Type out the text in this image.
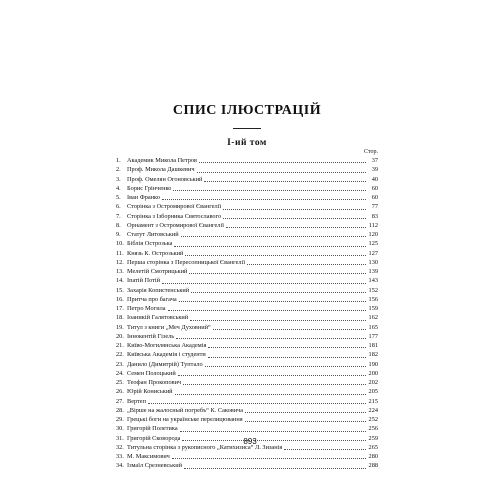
СПИС ІЛЮСТРАЦІЙ
І-ий том
Стор.
1. Академик Микола Петров	37
2. Проф. Микола Дашкевич	39
3. Проф. Омелян Огоновський	40
4. Борис Грінченко	60
5. Іван Франко	60
6. Сторінка з Остромирової Євангелії	77
7. Сторінка з Ізборника Святославого	83
8. Орнамент з Остромирової Євангелії	112
9. Статут Литовський	120
10. Біблія Острозька	125
11. Князь К. Острозький	127
12. Перша сторінка з Пересопницької Євангелії	130
13. Мелетій Смотрицький	139
14. Іпатій Потій	143
15. Захарія Копистенський	152
16. Притча про багача	156
17. Петро Могила	159
18. Іоаникій Галятовський	162
19. Титул з книги „Меч Духовний“	165
20. Іннокентій Гізель	177
21. Київо-Могилянська Академія	181
22. Київська Академія і студенти	182
23. Данило (Димитрій) Туптало	190
24. Семен Полоцький	200
25. Теофан Прокопович	202
26. Юрій Кониський	205
27. Вертеп	215
28. „Вірше на жалосный погребъ“ К. Саковича	224
29. Грецькі боги на українське перелицювання	252
30. Григорій Полетика	256
31. Григорій Сковорода	259
32. Титульна сторінка з рукописного „Катихизиса“ Л. Зизанія	265
33. М. Максимович	280
34. Ізмаїл Срезневський	288
893
